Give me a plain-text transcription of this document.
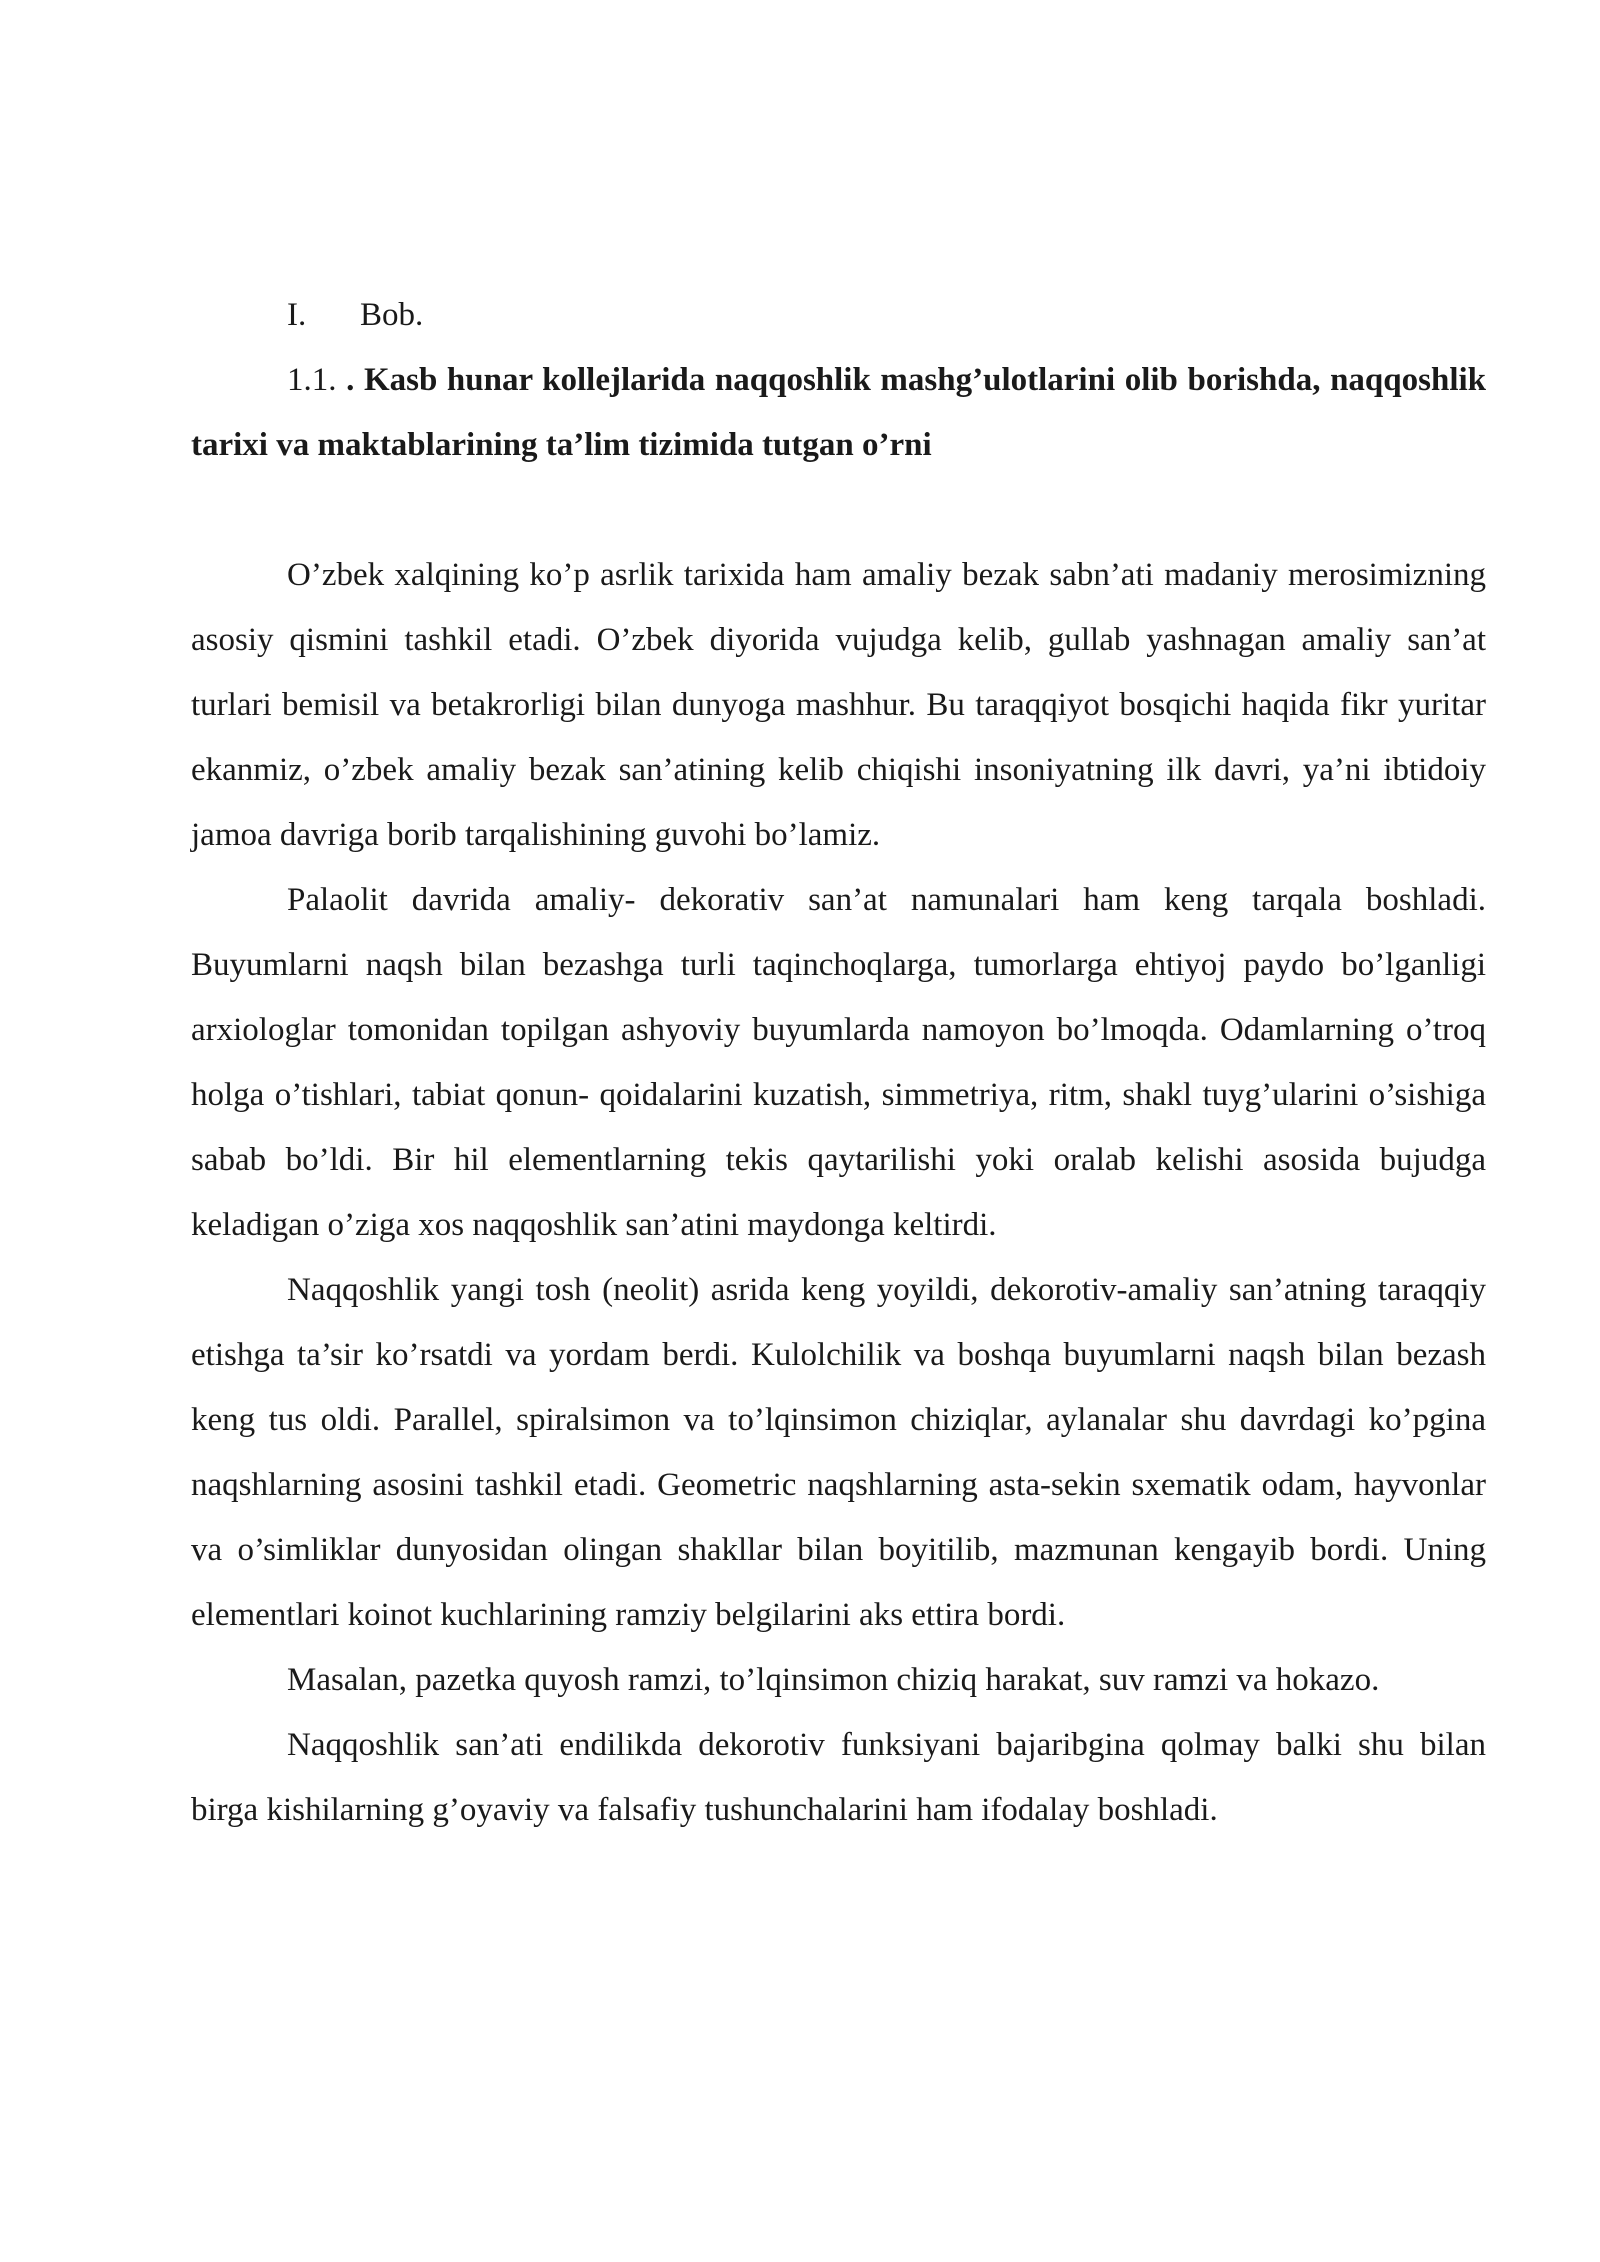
I. Bob.

1.1. . Kasb hunar kollejlarida naqqoshlik mashg’ulotlarini olib borishda, naqqoshlik tarixi va maktablarining ta’lim tizimida tutgan o’rni

O’zbek xalqining ko’p asrlik tarixida ham amaliy bezak sabn’ati madaniy merosimizning asosiy qismini tashkil etadi. O’zbek diyorida vujudga kelib, gullab yashnagan amaliy san’at turlari bemisil va betakrorligi bilan dunyoga mashhur. Bu taraqqiyot bosqichi haqida fikr yuritar ekanmiz, o’zbek amaliy bezak san’atining kelib chiqishi insoniyatning ilk davri, ya’ni ibtidoiy jamoa davriga borib tarqalishining guvohi bo’lamiz.

Palaolit davrida amaliy- dekorativ san’at namunalari ham keng tarqala boshladi. Buyumlarni naqsh bilan bezashga turli taqinchoqlarga, tumorlarga ehtiyoj paydo bo’lganligi arxiologlar tomonidan topilgan ashyoviy buyumlarda namoyon bo’lmoqda. Odamlarning o’troq holga o’tishlari, tabiat qonun- qoidalarini kuzatish, simmetriya, ritm, shakl tuyg’ularini o’sishiga sabab bo’ldi. Bir hil elementlarning tekis qaytarilishi yoki oralab kelishi asosida bujudga keladigan o’ziga xos naqqoshlik san’atini maydonga keltirdi.

Naqqoshlik yangi tosh (neolit) asrida keng yoyildi, dekorotiv-amaliy san’atning taraqqiy etishga ta’sir ko’rsatdi va yordam berdi. Kulolchilik va boshqa buyumlarni naqsh bilan bezash keng tus oldi. Parallel, spiralsimon va to’lqinsimon chiziqlar, aylanalar shu davrdagi ko’pgina naqshlarning asosini tashkil etadi. Geometric naqshlarning asta-sekin sxematik odam, hayvonlar va o’simliklar dunyosidan olingan shakllar bilan boyitilib, mazmunan kengayib bordi. Uning elementlari koinot kuchlarining ramziy belgilarini aks ettira bordi.

Masalan, pazetka quyosh ramzi, to’lqinsimon chiziq harakat, suv ramzi va hokazo.

Naqqoshlik san’ati endilikda dekorotiv funksiyani bajaribgina qolmay balki shu bilan birga kishilarning g’oyaviy va falsafiy tushunchalarini ham ifodalay boshladi.
